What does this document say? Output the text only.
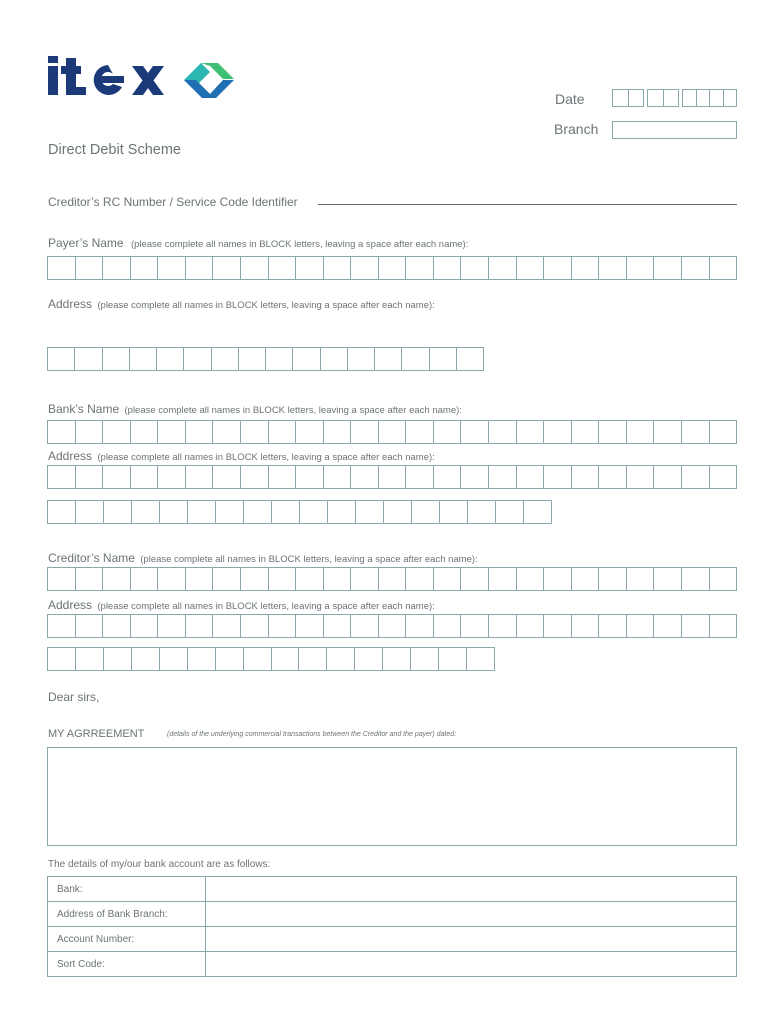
Date
Branch
Direct Debit Scheme
Creditor’s RC Number / Service Code Identifier
Payer’s Name (please complete all names in BLOCK letters, leaving a space after each name):
Address (please complete all names in BLOCK letters, leaving a space after each name):
Bank’s Name (please complete all names in BLOCK letters, leaving a space after each name):
Address (please complete all names in BLOCK letters, leaving a space after each name):
Creditor’s Name (please complete all names in BLOCK letters, leaving a space after each name):
Address (please complete all names in BLOCK letters, leaving a space after each name):
Dear sirs,
MY AGRREEMENT	(details of the underlying commercial transactions between the Creditor and the payer) dated:
The details of my/our bank account are as follows:
Bank:	
Address of Bank Branch:	
Account Number:	
Sort Code:	
